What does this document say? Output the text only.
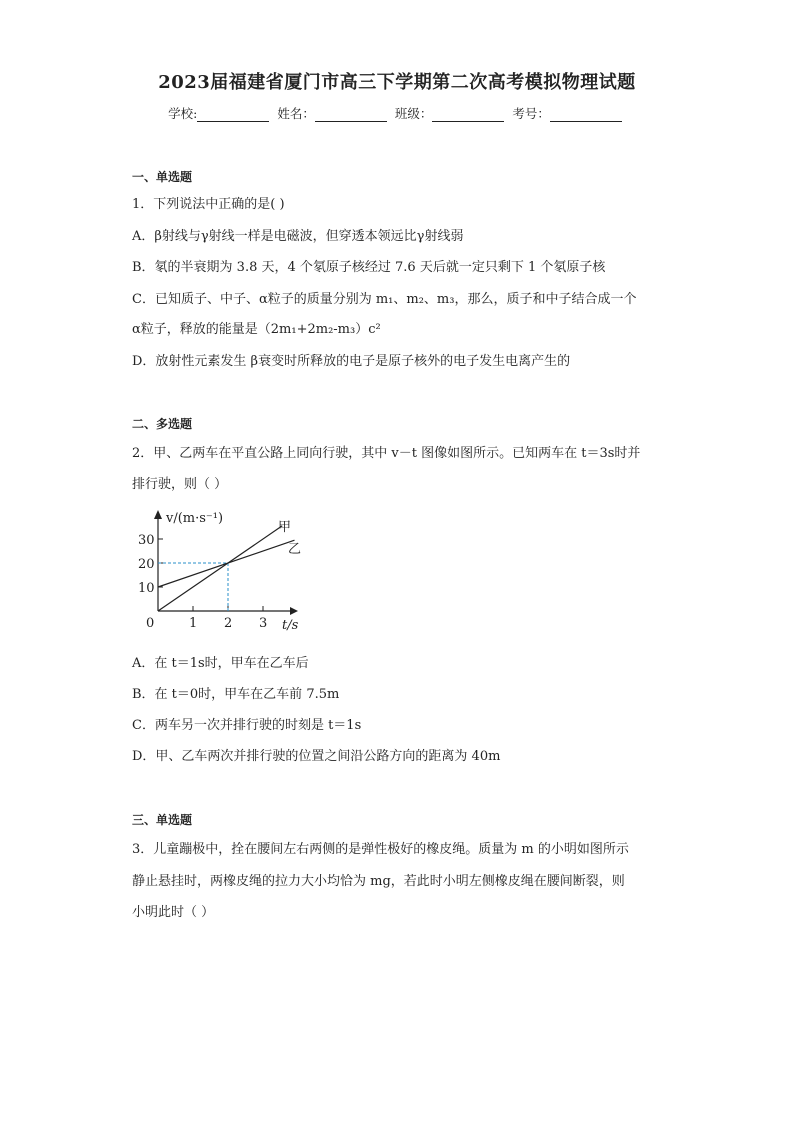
2023届福建省厦门市高三下学期第二次高考模拟物理试题
学校:	姓名：	班级：	考号：
一、单选题
1．下列说法中正确的是( )
A．β射线与γ射线一样是电磁波，但穿透本领远比γ射线弱
B．氡的半衰期为 3.8 天，4 个氡原子核经过 7.6 天后就一定只剩下 1 个氡原子核
C．已知质子、中子、α粒子的质量分别为 m₁、m₂、m₃，那么，质子和中子结合成一个
α粒子，释放的能量是（2m₁+2m₂-m₃）c²
D．放射性元素发生 β衰变时所释放的电子是原子核外的电子发生电离产生的
二、多选题
2．甲、乙两车在平直公路上同向行驶，其中 v－t 图像如图所示。已知两车在 t＝3s时并
排行驶，则（ ）
v/(m·s⁻¹)
t/s
0
30
20
10
1 2 3
甲
乙
A．在 t＝1s时，甲车在乙车后
B．在 t＝0时，甲车在乙车前 7.5m
C．两车另一次并排行驶的时刻是 t＝1s
D．甲、乙车两次并排行驶的位置之间沿公路方向的距离为 40m
三、单选题
3．儿童蹦极中，拴在腰间左右两侧的是弹性极好的橡皮绳。质量为 m 的小明如图所示
静止悬挂时，两橡皮绳的拉力大小均恰为 mg，若此时小明左侧橡皮绳在腰间断裂，则
小明此时（ ）
